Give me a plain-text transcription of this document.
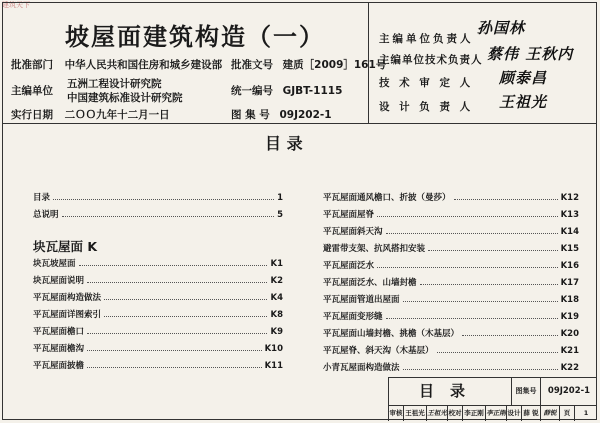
建筑天下
坡屋面建筑构造（一）
批准部门 中华人民共和国住房和城乡建设部 批准文号 建质［2009］161号
主编单位
五洲工程设计研究院
中国建筑标准设计研究院
统一编号 GJBT-1115
实行日期 二ＯＯ九年十二月一日	图 集 号 09J202-1
主编单位负责人
孙国林
主编单位技术负责人 蔡伟 王秋内
技 术 审 定 人 顾泰昌
设 计 负 责 人 王祖光
目 录
目录	1
总说明	5
块瓦屋面 K
块瓦坡屋面	K1
块瓦屋面说明	K2
平瓦屋面构造做法	K4
平瓦屋面详图索引	K8
平瓦屋面檐口	K9
平瓦屋面檐沟	K10
平瓦屋面披檐	K11
平瓦屋面通风檐口、折披（曼莎）	K12
平瓦屋面屋脊	K13
平瓦屋面斜天沟	K14
避雷带支架、抗风搭扣安装	K15
平瓦屋面泛水	K16
平瓦屋面泛水、山墙封檐	K17
平瓦屋面管道出屋面	K18
平瓦屋面变形缝	K19
平瓦屋面山墙封檐、挑檐（木基层）	K20
平瓦屋脊、斜天沟（木基层）	K21
小青瓦屋面构造做法	K22
目录	图集号	09J202-1
审核 王祖光 王祖光 校对 李正刚 李正刚 设计 薛 锐 薛锐	页	1
